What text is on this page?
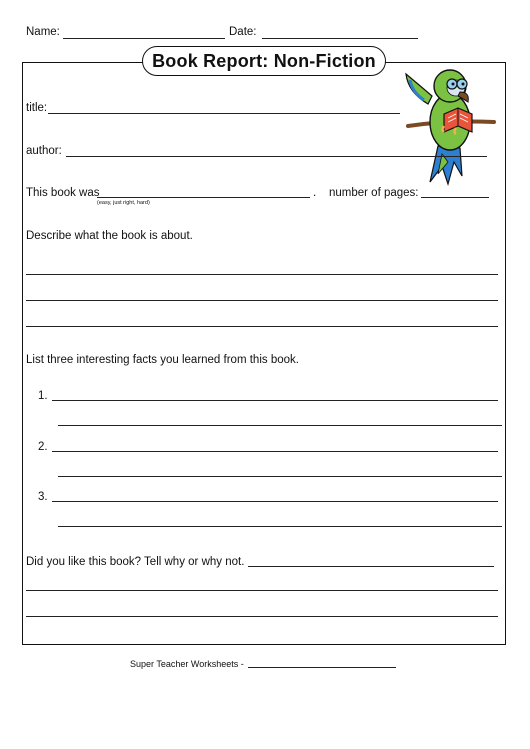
Name:	Date:
Book Report: Non-Fiction
title:
author:
This book was	.
(easy, just right, hard)
number of pages:
Describe what the book is about.
List three interesting facts you learned from this book.
1.
2.
3.
Did you like this book? Tell why or why not.
Super Teacher Worksheets -
